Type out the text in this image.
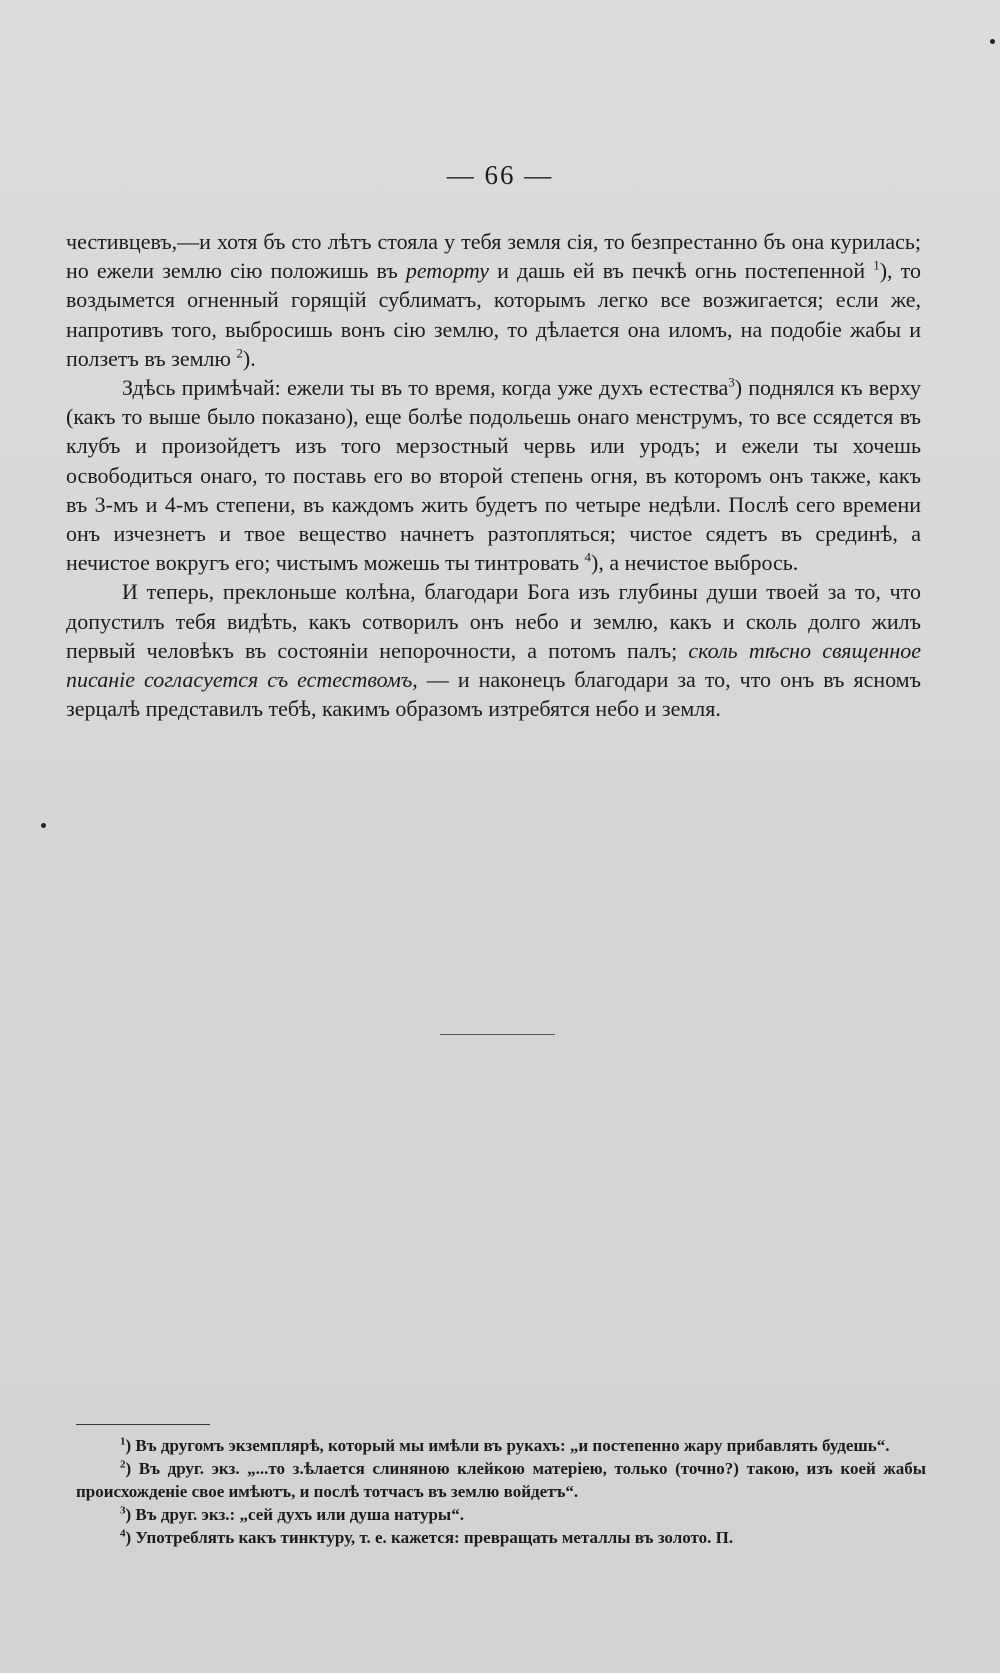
— 66 —

честивцевъ,—и хотя бъ сто лѣтъ стояла у тебя земля сія, то безпрестанно бъ она курилась; но ежели землю сію положишь въ реторту и дашь ей въ печкѣ огнь постепенной $^1$), то воздымется огненный горящій сублиматъ, которымъ легко все возжигается; если же, напротивъ того, выбросишь вонъ сію землю, то дѣлается она иломъ, на подобіе жабы и ползетъ въ землю $^2$).

Здѣсь примѣчай: ежели ты въ то время, когда уже духъ естества$^3$) поднялся къ верху (какъ то выше было показано), еще болѣе подольешь онаго менструмъ, то все ссядется въ клубъ и произойдетъ изъ того мерзостный червь или уродъ; и ежели ты хочешь освободиться онаго, то поставь его во второй степень огня, въ которомъ онъ также, какъ въ 3-мъ и 4-мъ степени, въ каждомъ жить будетъ по четыре недѣли. Послѣ сего времени онъ изчезнетъ и твое вещество начнетъ разтопляться; чистое сядетъ въ срединѣ, а нечистое вокругъ его; чистымъ можешь ты тинтровать $^4$), а нечистое выбрось.

И теперь, преклоньше колѣна, благодари Бога изъ глубины души твоей за то, что допустилъ тебя видѣть, какъ сотворилъ онъ небо и землю, какъ и сколь долго жилъ первый человѣкъ въ состояніи непорочности, а потомъ палъ; сколь тѣсно священное писаніе соглаcуется съ естествомъ, — и наконецъ благодари за то, что онъ въ ясномъ зерцалѣ представилъ тебѣ, какимъ образомъ изтребятся небо и земля.

$^1$) Въ другомъ экземплярѣ, который мы имѣли въ рукахъ: „и постепенно жару прибавлять будешь“.

$^2$) Въ друг. экз. „...то з.ѣлается слиняною клейкою матеріею, только (точно?) такою, изъ коей жабы происхожденіе свое имѣютъ, и послѣ тотчасъ въ землю войдетъ“.

$^3$) Въ друг. экз.: „сей духъ или душа натуры“.

$^4$) Употреблять какъ тинктуру, т. е. кажется: превращать металлы въ золото. П.
